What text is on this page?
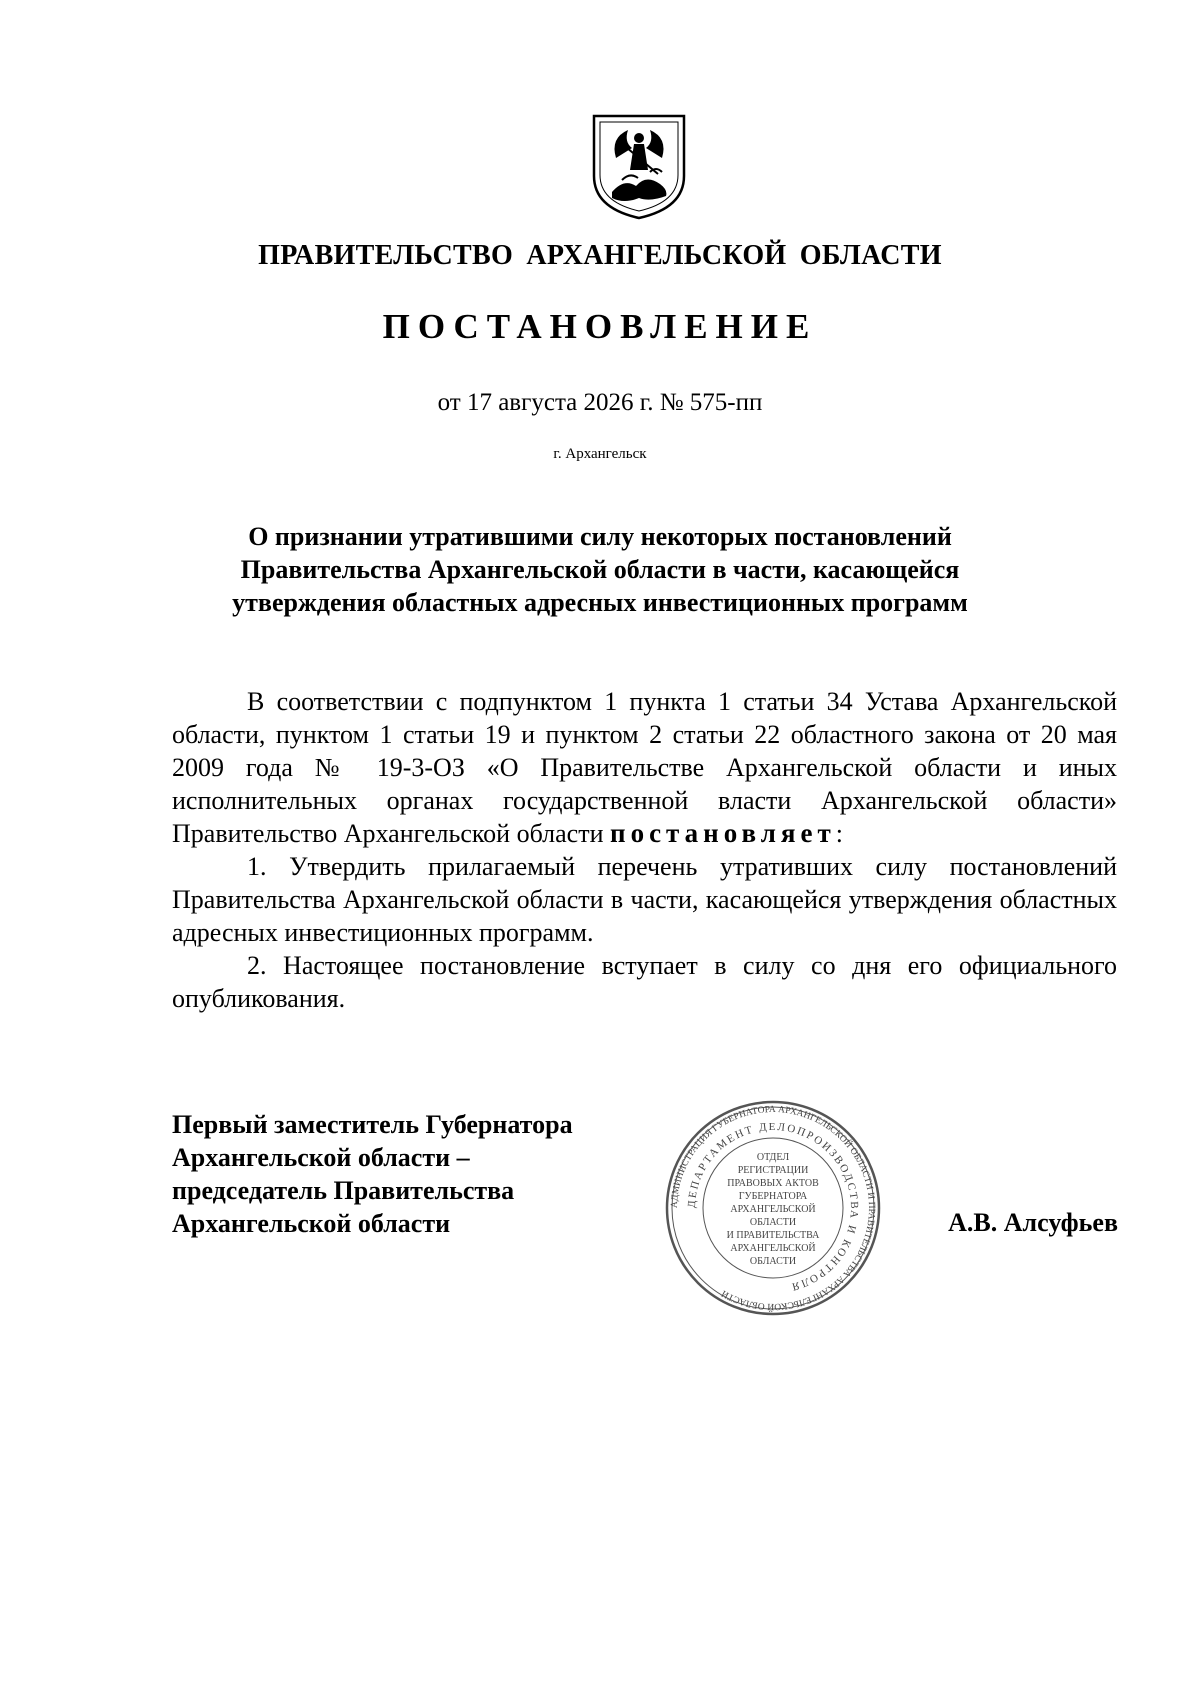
ПРАВИТЕЛЬСТВО АРХАНГЕЛЬСКОЙ ОБЛАСТИ
ПОСТАНОВЛЕНИЕ
от 17 августа 2026 г. № 575-пп
г. Архангельск
О признании утратившими силу некоторых постановлений
Правительства Архангельской области в части, касающейся
утверждения областных адресных инвестиционных программ

В соответствии с подпунктом 1 пункта 1 статьи 34 Устава Архангельской области, пунктом 1 статьи 19 и пунктом 2 статьи 22 областного закона от 20 мая 2009 года № 19-3-ОЗ «О Правительстве Архангельской области и иных исполнительных органах государственной власти Архангельской области» Правительство Архангельской области постановляет:

1. Утвердить прилагаемый перечень утративших силу постановлений Правительства Архангельской области в части, касающейся утверждения областных адресных инвестиционных программ.

2. Настоящее постановление вступает в силу со дня его официального опубликования.

Первый заместитель Губернатора
Архангельской области –
председатель Правительства
Архангельской области
АДМИНИСТРАЦИЯ ГУБЕРНАТОРА АРХАНГЕЛЬСКОЙ ОБЛАСТИ И ПРАВИТЕЛЬСТВА АРХАНГЕЛЬСКОЙ ОБЛАСТИ
ДЕПАРТАМЕНТ ДЕЛОПРОИЗВОДСТВА И КОНТРОЛЯ
ОТДЕЛ
РЕГИСТРАЦИИ
ПРАВОВЫХ АКТОВ
ГУБЕРНАТОРА
АРХАНГЕЛЬСКОЙ
ОБЛАСТИ
И ПРАВИТЕЛЬСТВА
АРХАНГЕЛЬСКОЙ
ОБЛАСТИ
А.В. Алсуфьев
